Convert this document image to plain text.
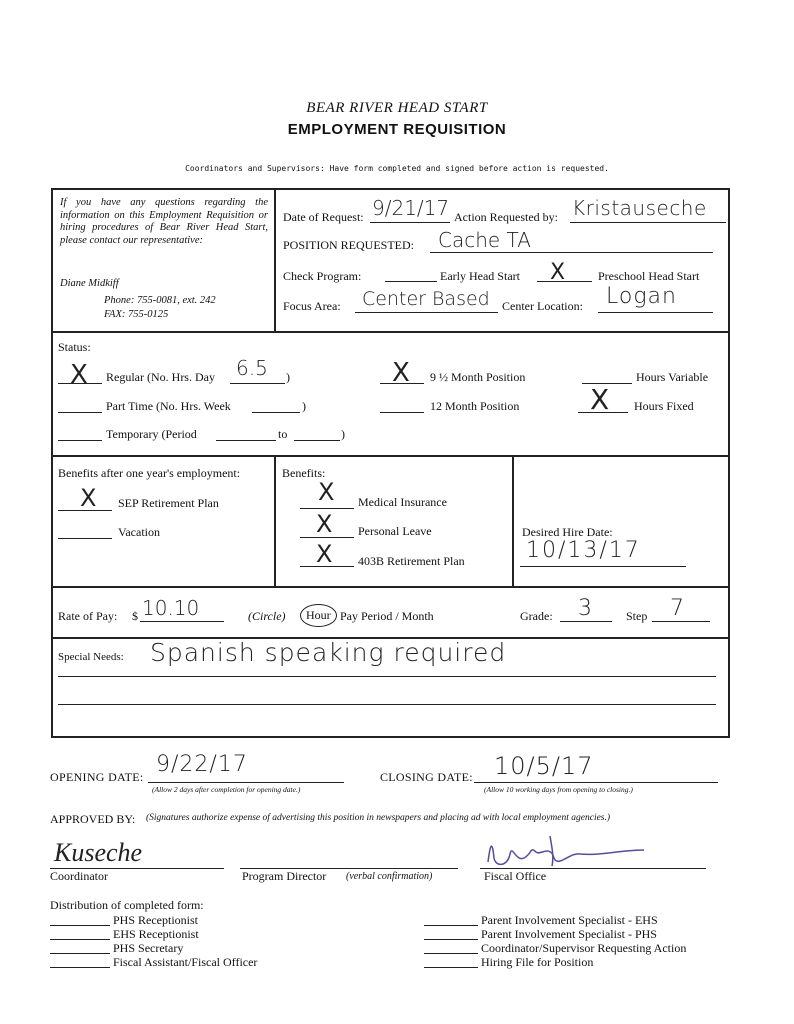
BEAR RIVER HEAD START
EMPLOYMENT REQUISITION
Coordinators and Supervisors: Have form completed and signed before action is requested.
If you have any questions regarding the information on this Employment Requisition or hiring procedures of Bear River Head Start, please contact our representative:
Diane Midkiff
Phone: 755-0081, ext. 242
FAX: 755-0125
Date of Request: 9/21/17 Action Requested by: Kristauseche
POSITION REQUESTED: Cache TA
Check Program:	Early Head Start X	Preschool Head Start
Focus Area: Center Based Center Location: Logan
Status:
X Regular (No. Hrs. Day 6.5 )	X 9 ½ Month Position	Hours Variable
Part Time (No. Hrs. Week	)	12 Month Position	X Hours Fixed
Temporary (Period	to	)
Benefits after one year's employment:
X SEP Retirement Plan
Vacation
Benefits:
X Medical Insurance
X Personal Leave
X 403B Retirement Plan
Desired Hire Date:
10/13/17
Rate of Pay: $ 10.10	(Circle)	Hour Pay Period / Month	Grade: 3	Step 7
Special Needs: Spanish speaking required
OPENING DATE: 9/22/17
(Allow 2 days after completion for opening date.)
CLOSING DATE: 10/5/17
(Allow 10 working days from opening to closing.)
APPROVED BY: (Signatures authorize expense of advertising this position in newspapers and placing ad with local employment agencies.)
Kuseche
Coordinator	Program Director (verbal confirmation)	Fiscal Office
Distribution of completed form:
PHS Receptionist
EHS Receptionist
PHS Secretary
Fiscal Assistant/Fiscal Officer
Parent Involvement Specialist - EHS
Parent Involvement Specialist - PHS
Coordinator/Supervisor Requesting Action
Hiring File for Position
